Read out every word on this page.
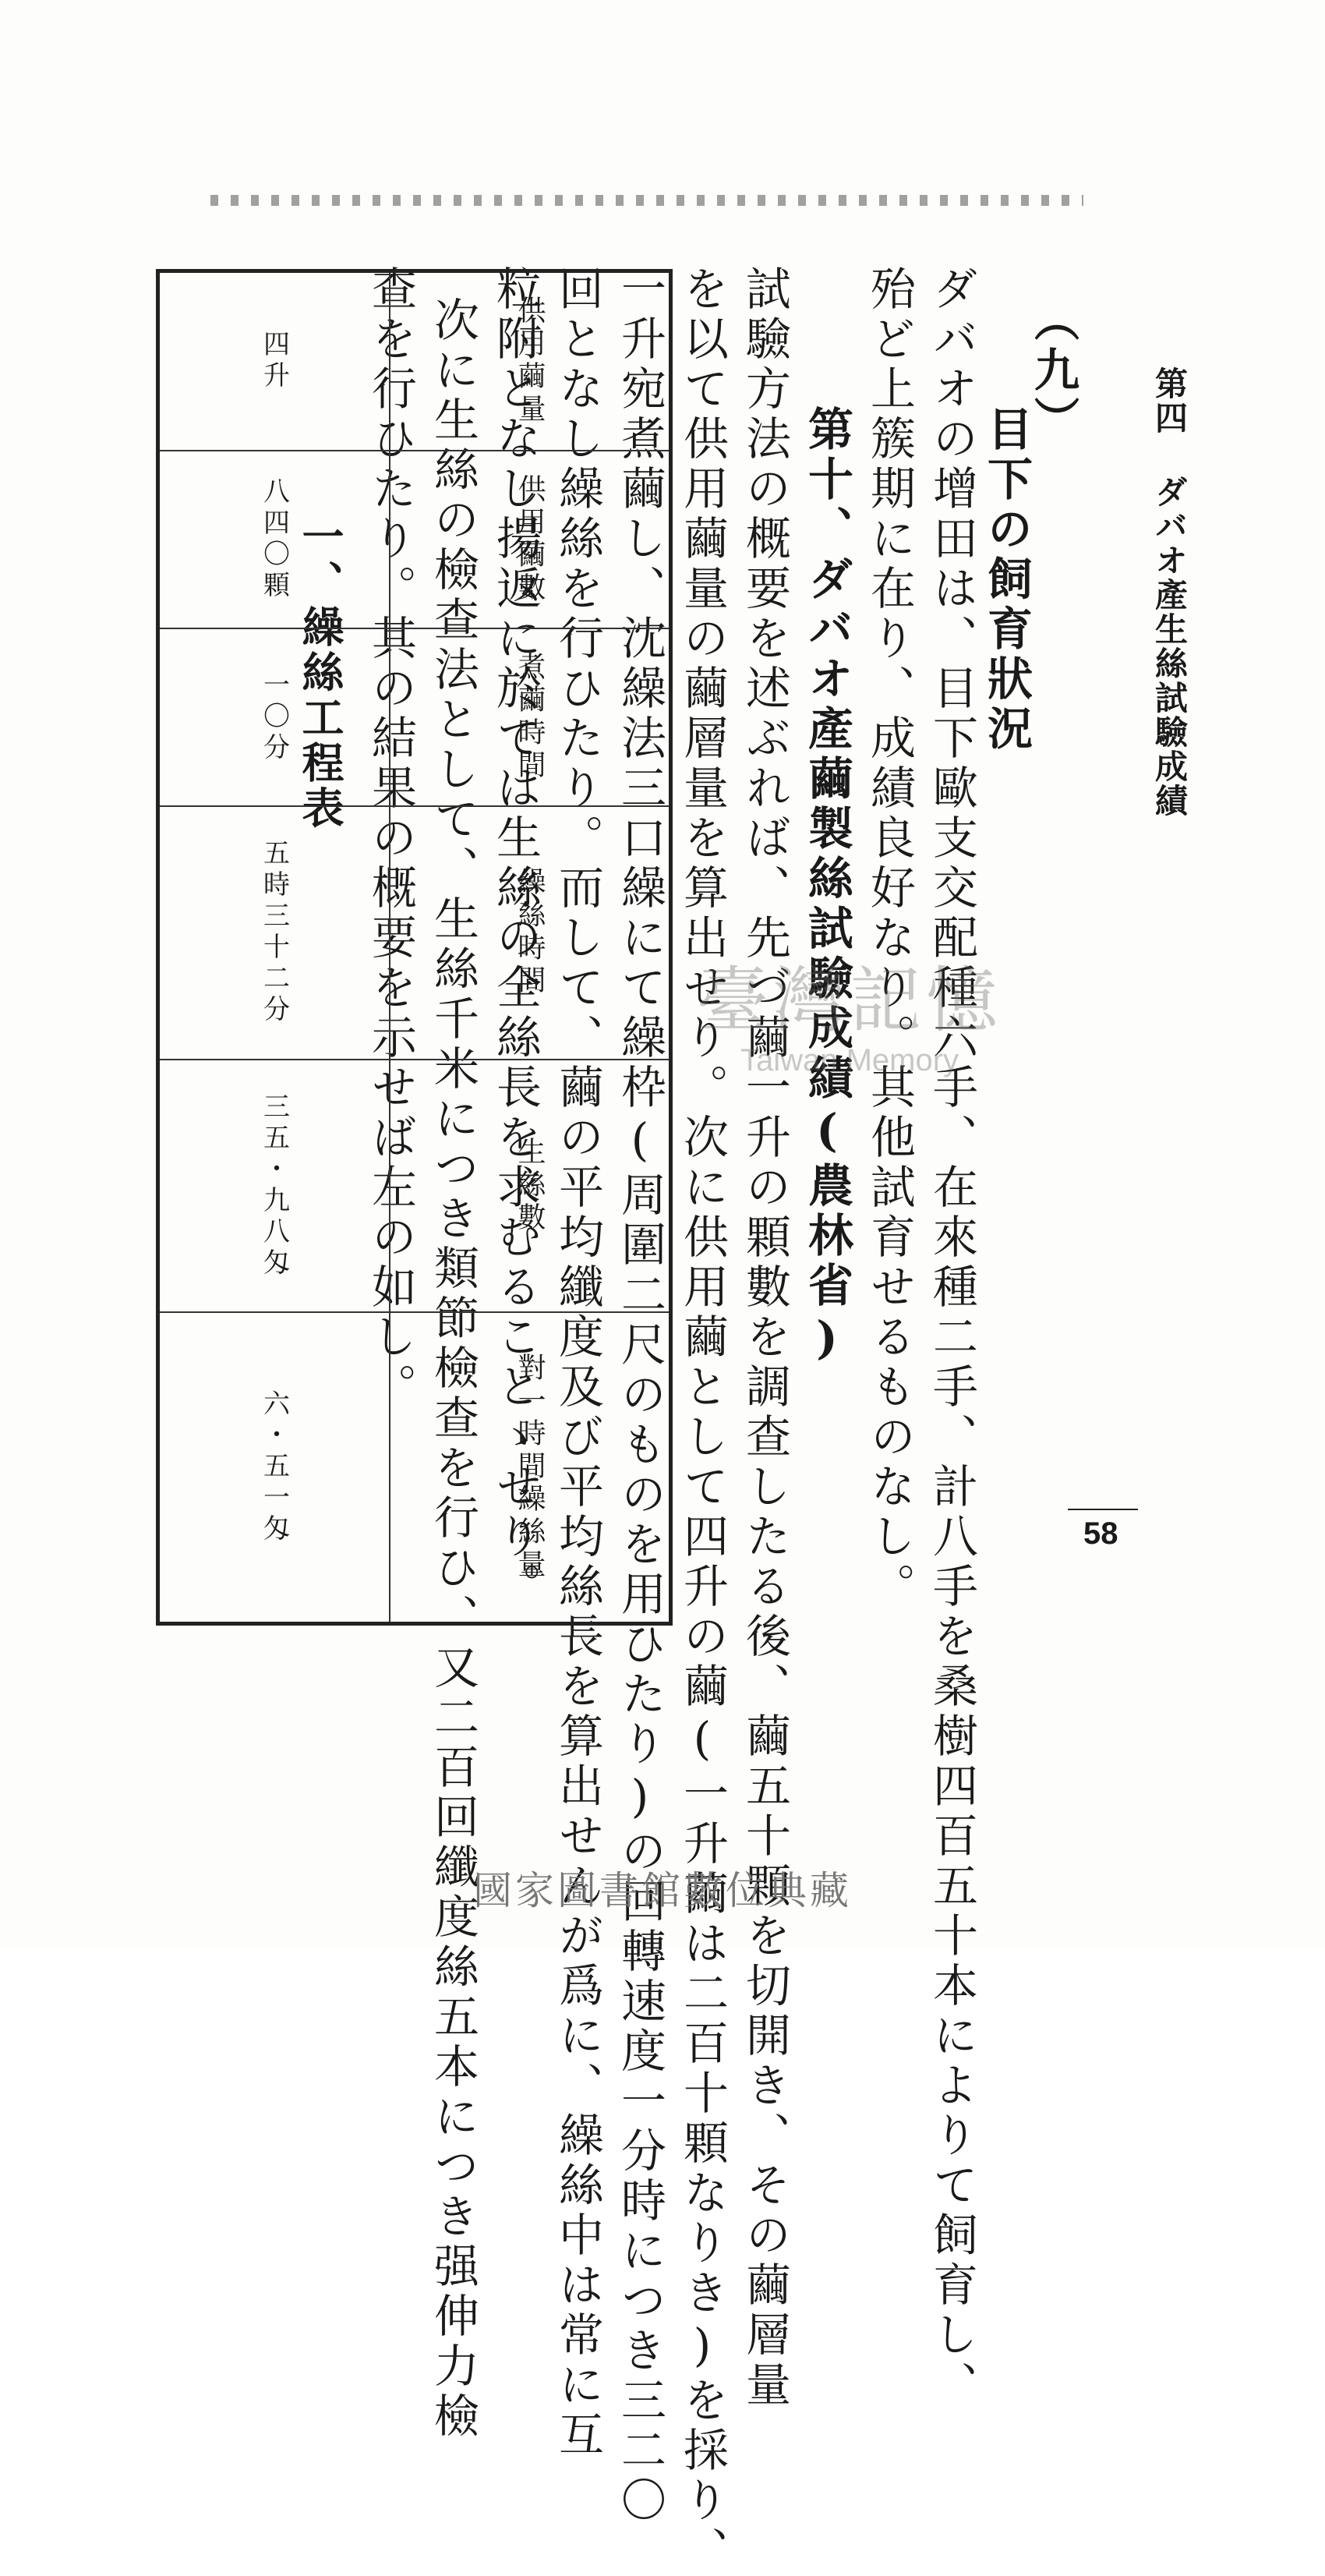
第四 ダバオ產生絲試驗成績
（九）
目下の飼育狀況
ダバオの增田は、目下歐支交配種六手、在來種二手、計八手を桑樹四百五十本によりて飼育し、
殆ど上簇期に在り、成績良好なり。其他試育せるものなし。
第十、ダバオ產繭製絲試驗成績(農林省)
試驗方法の概要を述ぶれば、先づ繭一升の顆數を調查したる後、繭五十顆を切開き、その繭層量
を以て供用繭量の繭層量を算出せり。次に供用繭として四升の繭(一升繭は二百十顆なりき)を採り、
一升宛煮繭し、沈繰法三口繰にて繰枠(周圍二尺のものを用ひたり)の回轉速度一分時につき三二〇
回となし繰絲を行ひたり。而して、繭の平均纖度及び平均絲長を算出せんが爲に、繰絲中は常に互
粒附となし揚返に於ては生絲の全絲長を求むることゝせり。
次に生絲の檢查法として、生絲千米につき類節檢查を行ひ、又二百回纖度絲五本につき强伸力檢
查を行ひたり。其の結果の概要を示せば左の如し。
一、繰絲工程表
四升	供用繭量
八四〇顆	供用繭數
一〇分	煮繭時間
五時三十二分	繰絲時間
三五・九八匁	生絲數
六・五一匁	對一時間繰絲量
臺灣記憶
Taiwan Memory
58
國家圖書館數位典藏
